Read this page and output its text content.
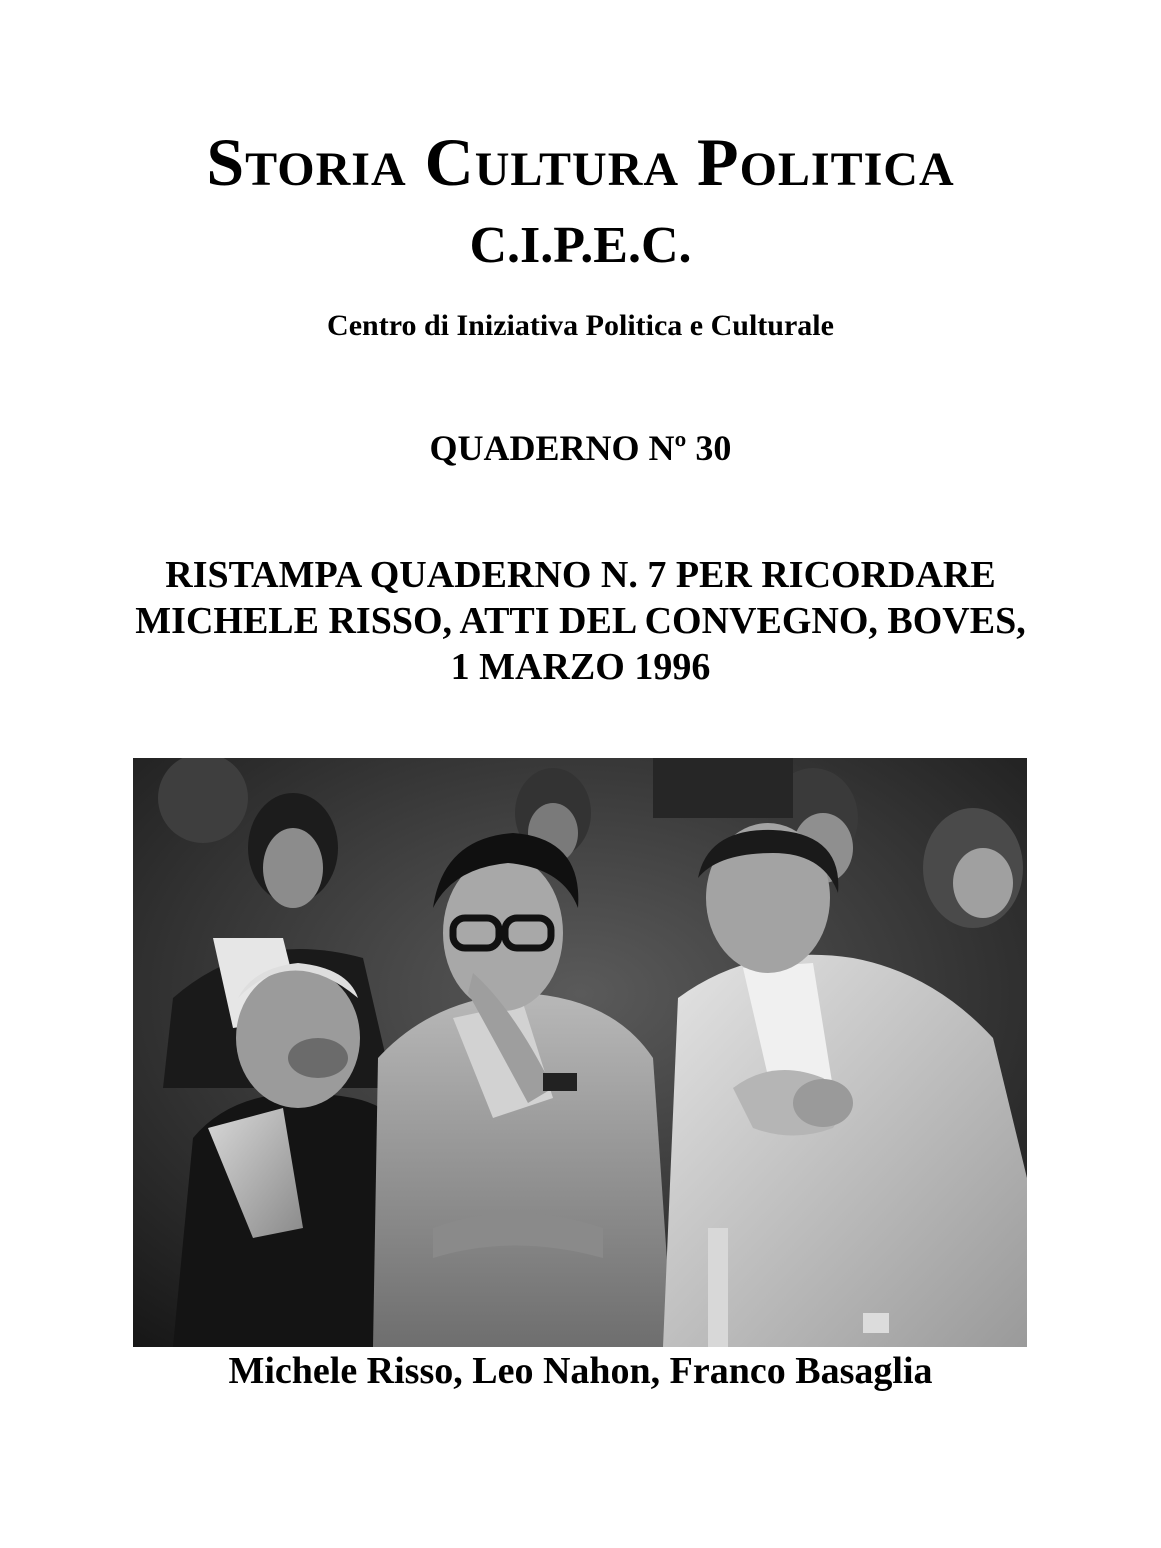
Storia Cultura Politica
C.I.P.E.C.
Centro di Iniziativa Politica e Culturale
QUADERNO Nº 30
RISTAMPA QUADERNO N. 7 PER RICORDARE
MICHELE RISSO, ATTI DEL CONVEGNO, BOVES,
1 MARZO 1996
Michele Risso, Leo Nahon, Franco Basaglia
